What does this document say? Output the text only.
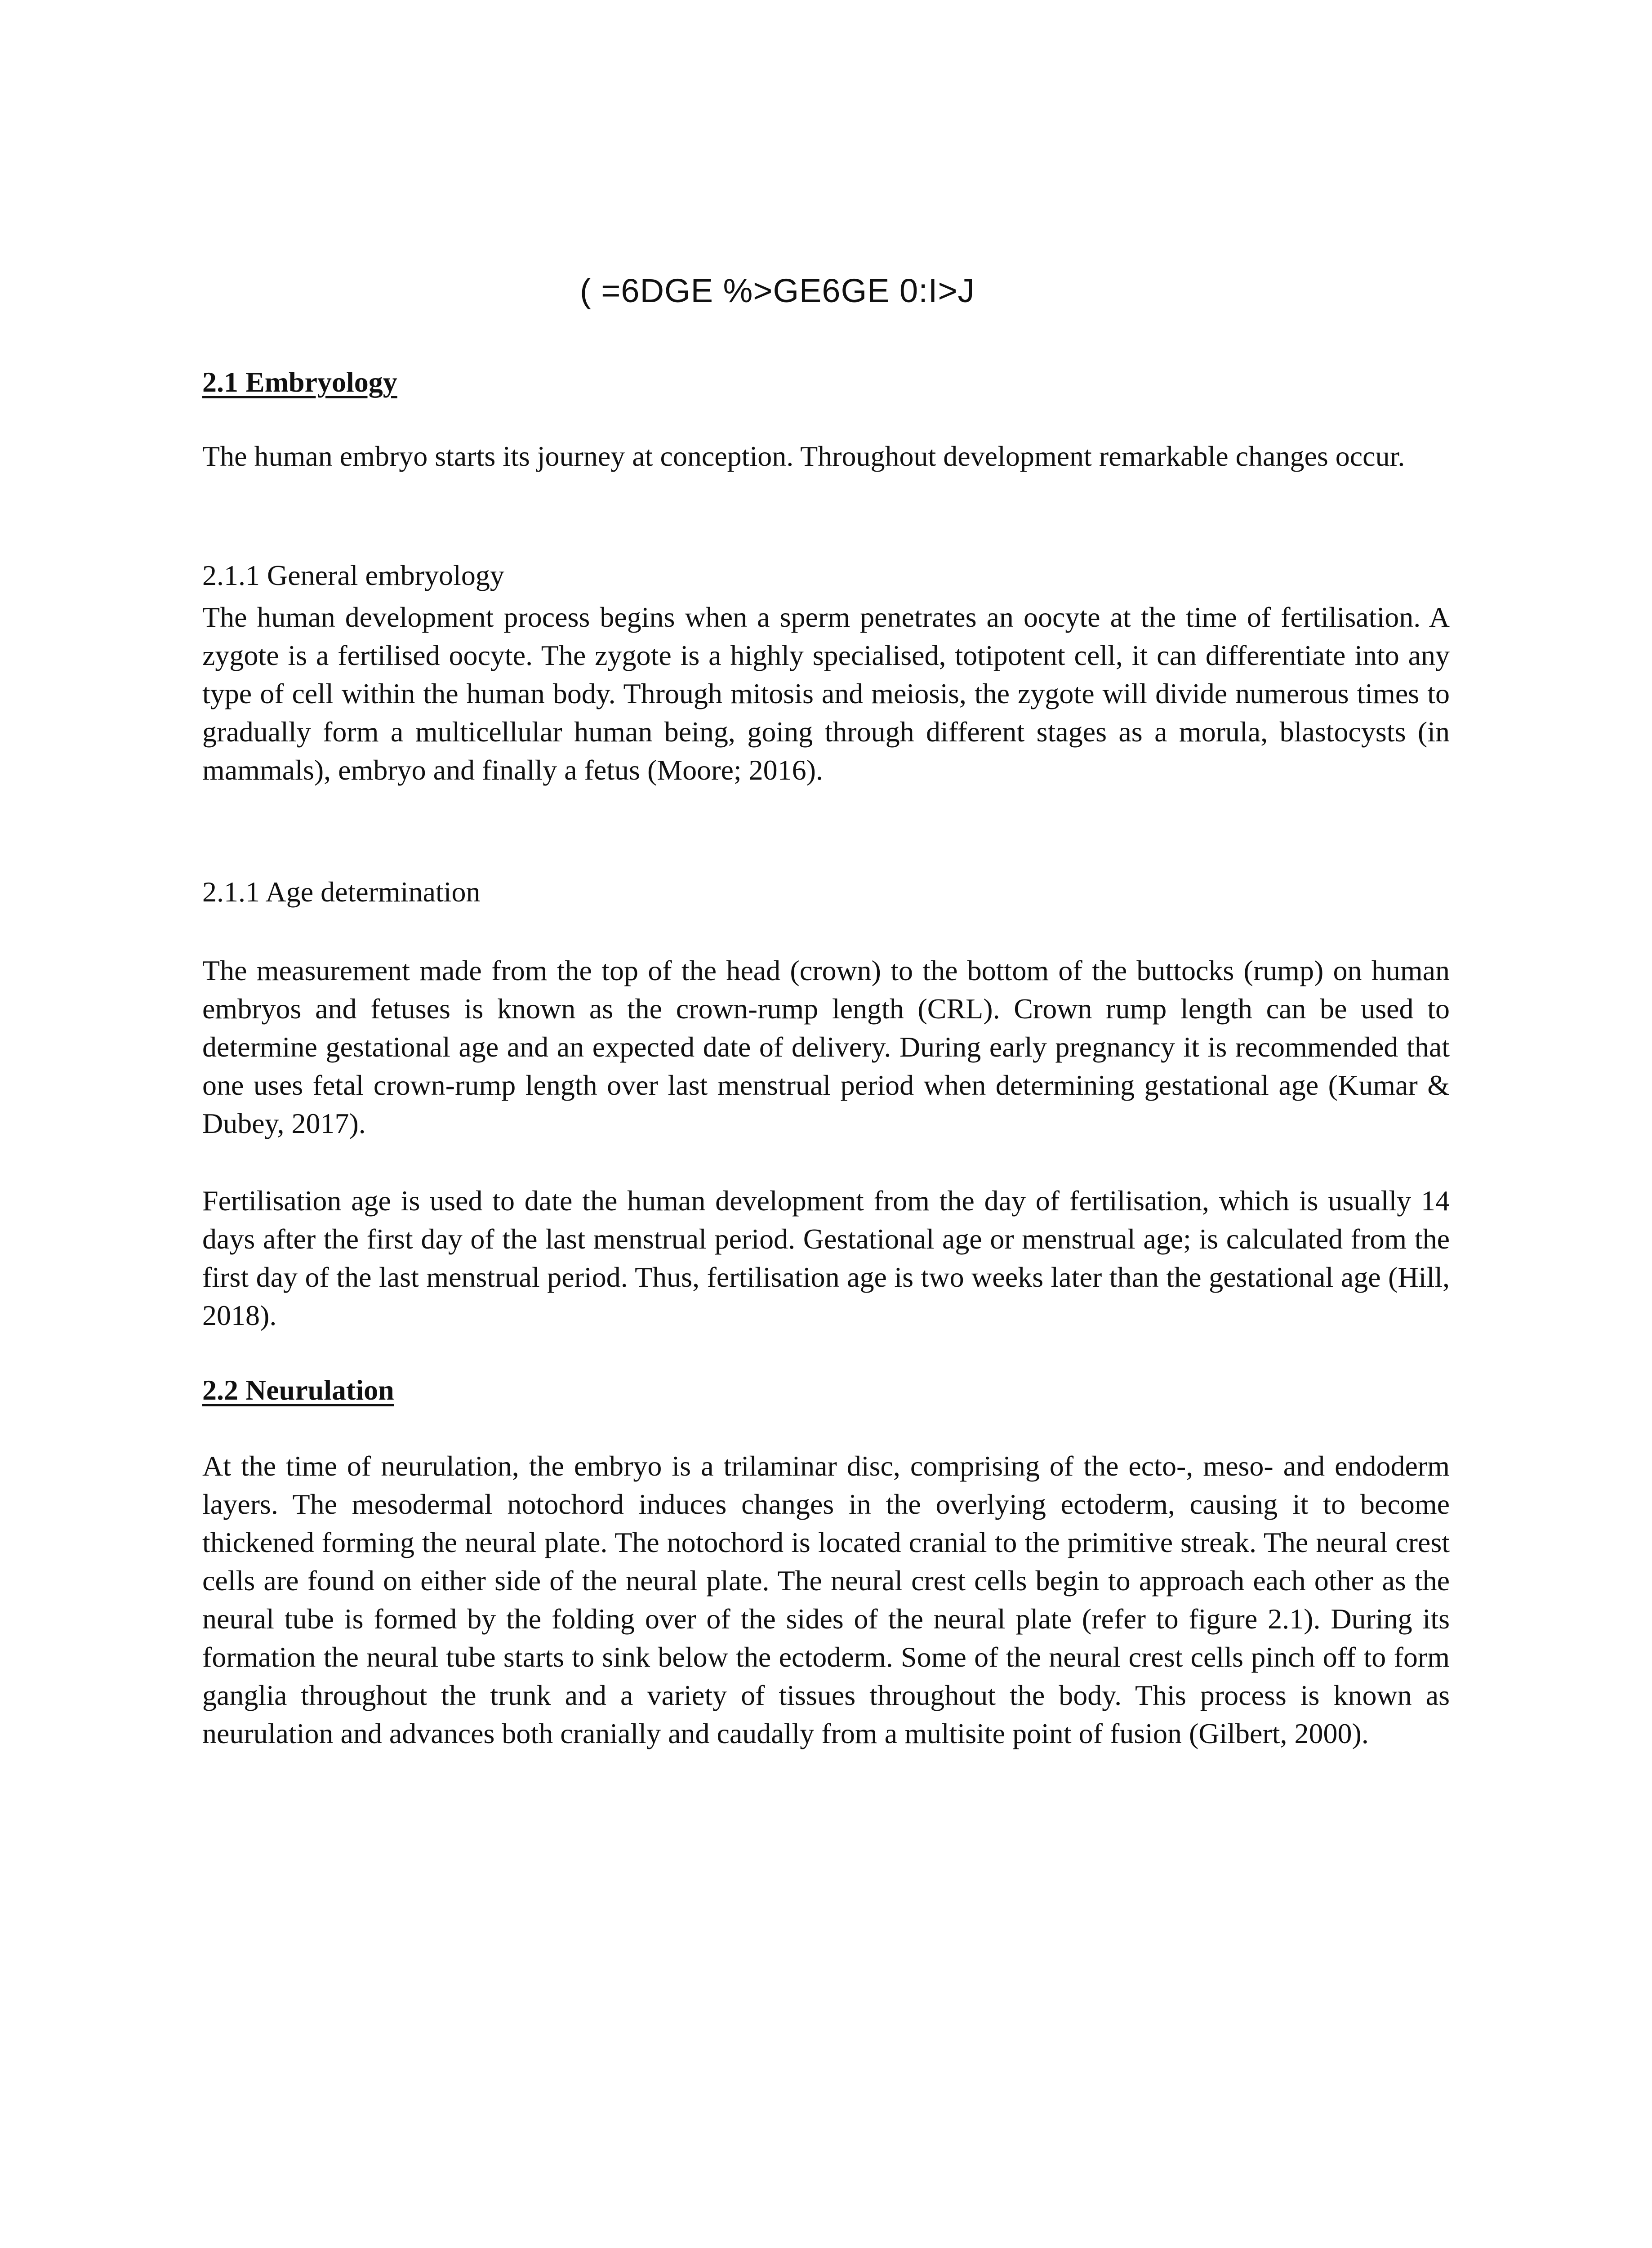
( =6DGE %>GE6GE 0:I>J
2.1 Embryology

The human embryo starts its journey at conception. Throughout development remarkable changes occur.

2.1.1 General embryology

The human development process begins when a sperm penetrates an oocyte at the time of fertilisation. A zygote is a fertilised oocyte. The zygote is a highly specialised, totipotent cell, it can differentiate into any type of cell within the human body. Through mitosis and meiosis, the zygote will divide numerous times to gradually form a multicellular human being, going through different stages as a morula, blastocysts (in mammals), embryo and finally a fetus (Moore; 2016).

2.1.1 Age determination

The measurement made from the top of the head (crown) to the bottom of the buttocks (rump) on human embryos and fetuses is known as the crown-rump length (CRL). Crown rump length can be used to determine gestational age and an expected date of delivery. During early pregnancy it is recommended that one uses fetal crown-rump length over last menstrual period when determining gestational age (Kumar & Dubey, 2017).

Fertilisation age is used to date the human development from the day of fertilisation, which is usually 14 days after the first day of the last menstrual period. Gestational age or menstrual age; is calculated from the first day of the last menstrual period. Thus, fertilisation age is two weeks later than the gestational age (Hill, 2018).

2.2 Neurulation

At the time of neurulation, the embryo is a trilaminar disc, comprising of the ecto-, meso- and endoderm layers. The mesodermal notochord induces changes in the overlying ectoderm, causing it to become thickened forming the neural plate. The notochord is located cranial to the primitive streak. The neural crest cells are found on either side of the neural plate. The neural crest cells begin to approach each other as the neural tube is formed by the folding over of the sides of the neural plate (refer to figure 2.1). During its formation the neural tube starts to sink below the ectoderm. Some of the neural crest cells pinch off to form ganglia throughout the trunk and a variety of tissues throughout the body. This process is known as neurulation and advances both cranially and caudally from a multisite point of fusion (Gilbert, 2000).
